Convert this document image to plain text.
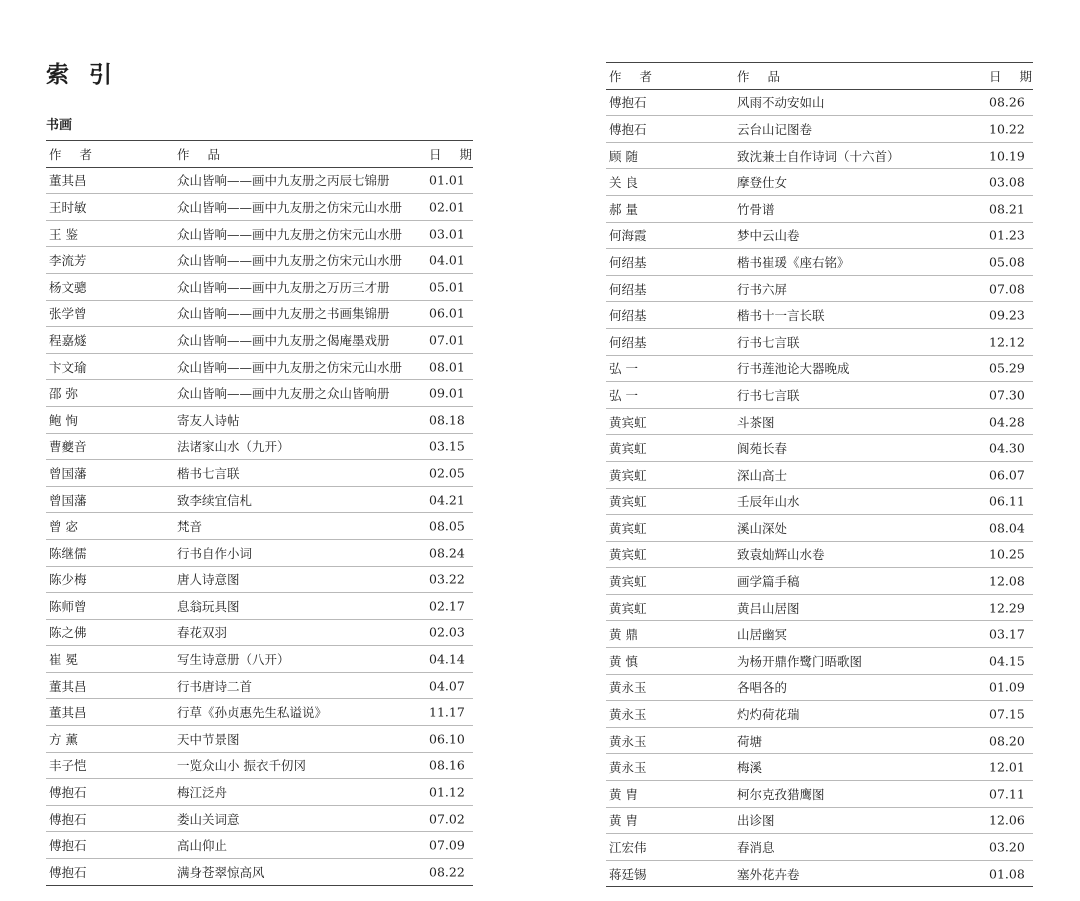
索 引
书画
作 者	作 品	日 期
董其昌	众山皆响——画中九友册之丙辰七锦册	01.01
王时敏	众山皆响——画中九友册之仿宋元山水册 02.01
王 鉴	众山皆响——画中九友册之仿宋元山水册 03.01
李流芳	众山皆响——画中九友册之仿宋元山水册 04.01
杨文骢	众山皆响——画中九友册之万历三才册	05.01
张学曾	众山皆响——画中九友册之书画集锦册	06.01
程嘉燧	众山皆响——画中九友册之偈庵墨戏册	07.01
卞文瑜	众山皆响——画中九友册之仿宋元山水册 08.01
邵 弥	众山皆响——画中九友册之众山皆响册	09.01
鲍 恂	寄友人诗帖	08.18
曹夔音	法诸家山水（九开）	03.15
曾国藩	楷书七言联	02.05
曾国藩	致李续宜信札	04.21
曾 宓	梵音	08.05
陈继儒	行书自作小词	08.24
陈少梅	唐人诗意图	03.22
陈师曾	息翁玩具图	02.17
陈之佛	春花双羽	02.03
崔 冕	写生诗意册（八开）	04.14
董其昌	行书唐诗二首	04.07
董其昌	行草《孙贞惠先生私谥说》	11.17
方 薰	天中节景图	06.10
丰子恺	一览众山小 振衣千仞冈	08.16
傅抱石	梅江泛舟	01.12
傅抱石	娄山关词意	07.02
傅抱石	高山仰止	07.09
傅抱石	满身苍翠惊高风	08.22
作 者	作 品	日 期
傅抱石	风雨不动安如山	08.26
傅抱石	云台山记图卷	10.22
顾 随	致沈兼士自作诗词（十六首）	10.19
关 良	摩登仕女	03.08
郝 量	竹骨谱	08.21
何海霞	梦中云山卷	01.23
何绍基	楷书崔瑗《座右铭》	05.08
何绍基	行书六屏	07.08
何绍基	楷书十一言长联	09.23
何绍基	行书七言联	12.12
弘 一	行书莲池论大器晚成	05.29
弘 一	行书七言联	07.30
黄宾虹	斗茶图	04.28
黄宾虹	阆苑长春	04.30
黄宾虹	深山高士	06.07
黄宾虹	壬辰年山水	06.11
黄宾虹	溪山深处	08.04
黄宾虹	致袁灿辉山水卷	10.25
黄宾虹	画学篇手稿	12.08
黄宾虹	黄吕山居图	12.29
黄 鼎	山居幽冥	03.17
黄 慎	为杨开鼎作鹭门晤歌图	04.15
黄永玉	各唱各的	01.09
黄永玉	灼灼荷花瑞	07.15
黄永玉	荷塘	08.20
黄永玉	梅溪	12.01
黄 胄	柯尔克孜猎鹰图	07.11
黄 胄	出诊图	12.06
江宏伟	春消息	03.20
蒋廷锡	塞外花卉卷	01.08
